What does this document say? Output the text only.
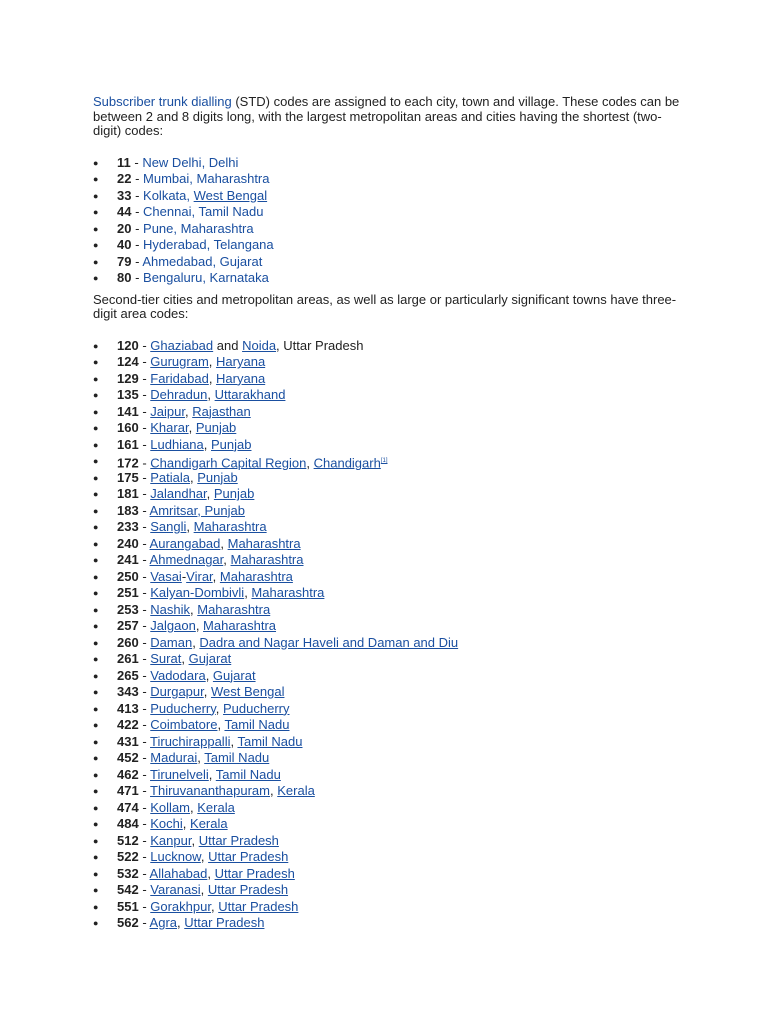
Subscriber trunk dialling (STD) codes are assigned to each city, town and village. These codes can be between 2 and 8 digits long, with the largest metropolitan areas and cities having the shortest (two-digit) codes:

● 11 - New Delhi, Delhi
● 22 - Mumbai, Maharashtra
● 33 - Kolkata, West Bengal
● 44 - Chennai, Tamil Nadu
● 20 - Pune, Maharashtra
● 40 - Hyderabad, Telangana
● 79 - Ahmedabad, Gujarat
● 80 - Bengaluru, Karnataka

Second-tier cities and metropolitan areas, as well as large or particularly significant towns have three-digit area codes:

● 120 - Ghaziabad and Noida, Uttar Pradesh
● 124 - Gurugram, Haryana
● 129 - Faridabad, Haryana
● 135 - Dehradun, Uttarakhand
● 141 - Jaipur, Rajasthan
● 160 - Kharar, Punjab
● 161 - Ludhiana, Punjab
● 172 - Chandigarh Capital Region, Chandigarh[1]
● 175 - Patiala, Punjab
● 181 - Jalandhar, Punjab
● 183 - Amritsar, Punjab
● 233 - Sangli, Maharashtra
● 240 - Aurangabad, Maharashtra
● 241 - Ahmednagar, Maharashtra
● 250 - Vasai-Virar, Maharashtra
● 251 - Kalyan-Dombivli, Maharashtra
● 253 - Nashik, Maharashtra
● 257 - Jalgaon, Maharashtra
● 260 - Daman, Dadra and Nagar Haveli and Daman and Diu
● 261 - Surat, Gujarat
● 265 - Vadodara, Gujarat
● 343 - Durgapur, West Bengal
● 413 - Puducherry, Puducherry
● 422 - Coimbatore, Tamil Nadu
● 431 - Tiruchirappalli, Tamil Nadu
● 452 - Madurai, Tamil Nadu
● 462 - Tirunelveli, Tamil Nadu
● 471 - Thiruvananthapuram, Kerala
● 474 - Kollam, Kerala
● 484 - Kochi, Kerala
● 512 - Kanpur, Uttar Pradesh
● 522 - Lucknow, Uttar Pradesh
● 532 - Allahabad, Uttar Pradesh
● 542 - Varanasi, Uttar Pradesh
● 551 - Gorakhpur, Uttar Pradesh
● 562 - Agra, Uttar Pradesh
